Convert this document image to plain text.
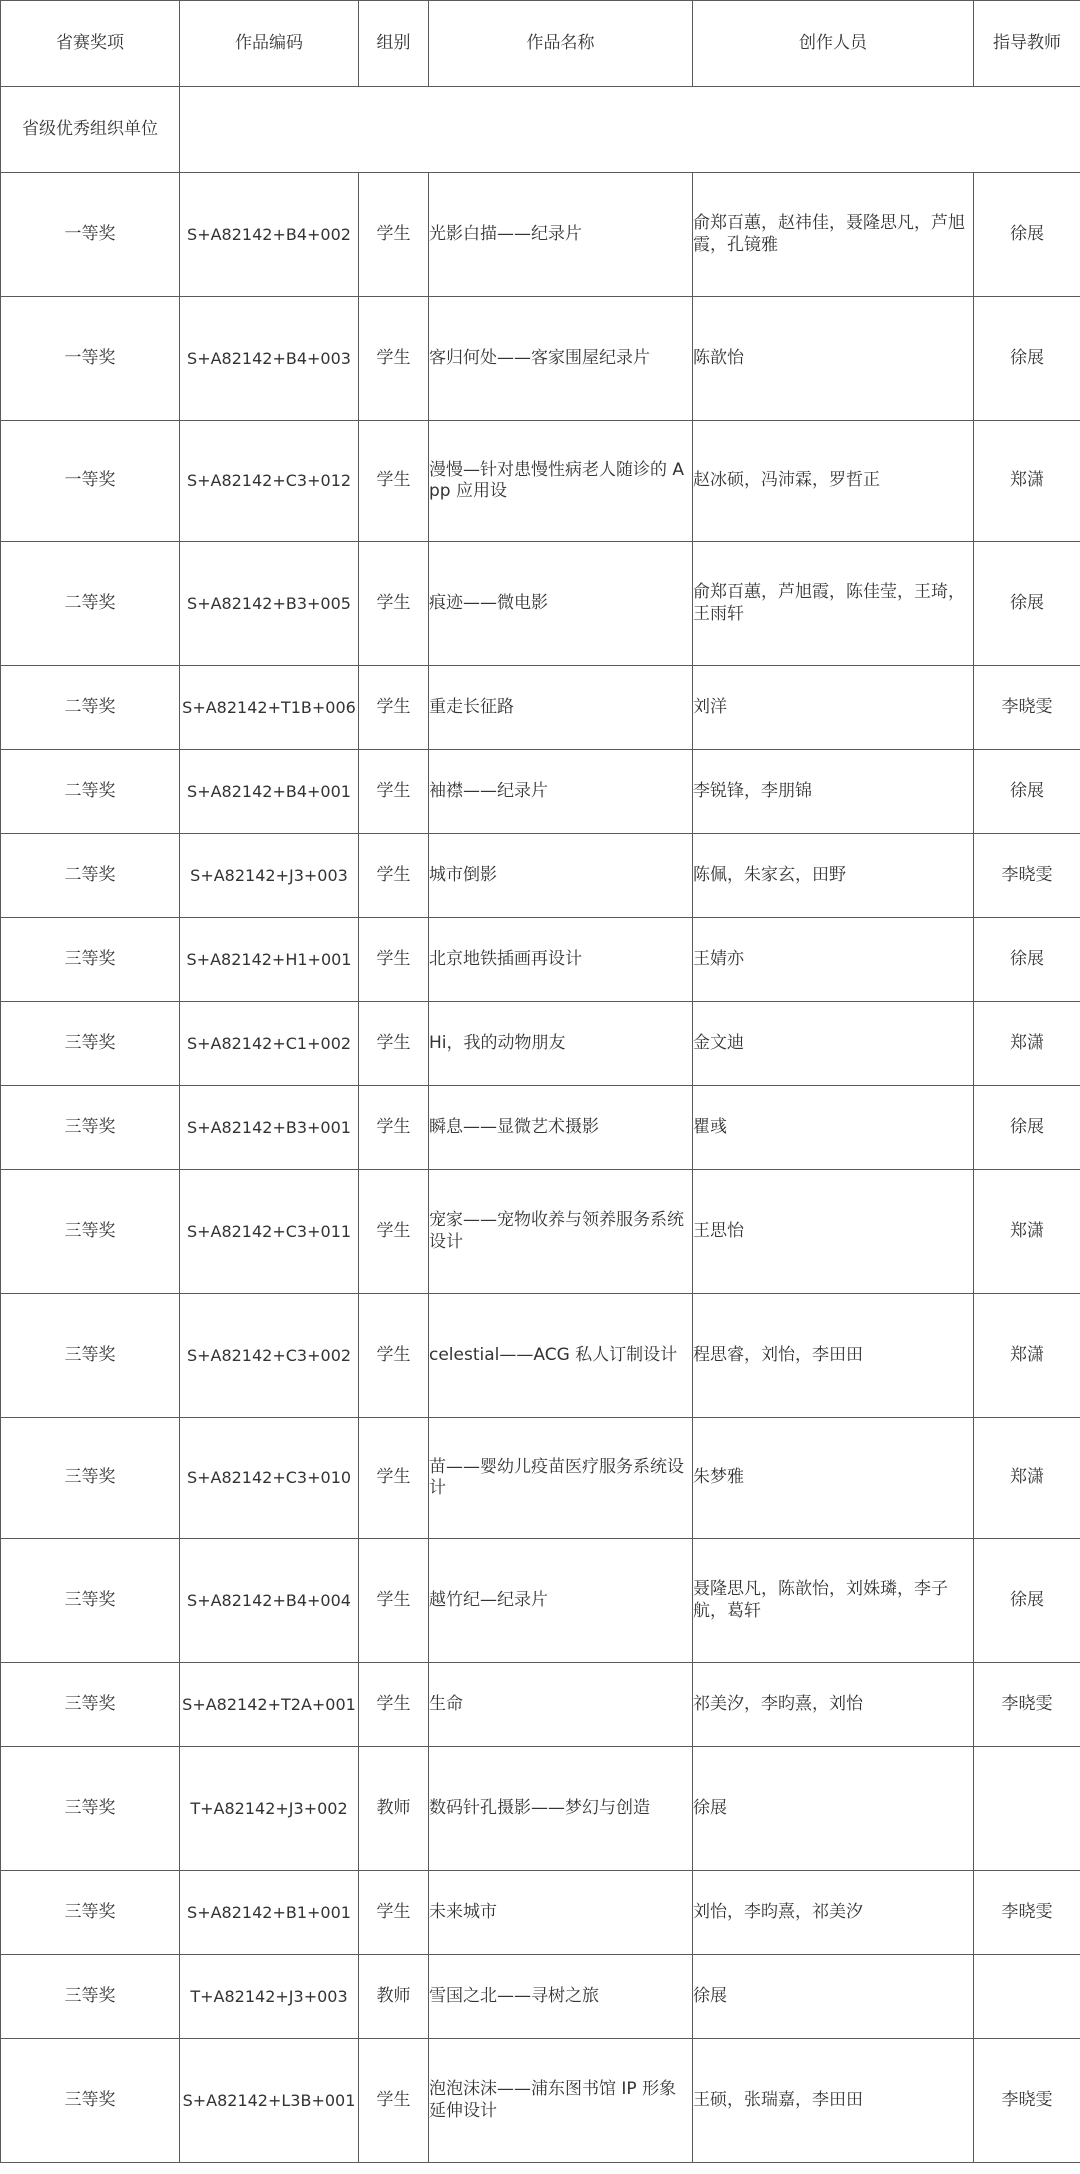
省赛奖项	作品编码	组别	作品名称	创作人员	指导教师
省级优秀组织单位					

一等奖	S+A82142+B4+002	学生	光影白描——纪录片	俞郑百蕙，赵祎佳，聂隆思凡，芦旭霞，孔镜雅	徐展

一等奖	S+A82142+B4+003	学生	客归何处——客家围屋纪录片	陈歆怡	徐展

一等奖	S+A82142+C3+012	学生	漫慢—针对患慢性病老人随诊的 App 应用设	赵冰硕，冯沛霖，罗哲正	郑潇

二等奖	S+A82142+B3+005	学生	痕迹——微电影	俞郑百蕙，芦旭霞，陈佳莹，王琦，王雨轩	徐展

二等奖	S+A82142+T1B+006	学生	重走长征路	刘洋	李晓雯

二等奖	S+A82142+B4+001	学生	袖襟——纪录片	李锐锋，李朋锦	徐展

二等奖	S+A82142+J3+003	学生	城市倒影	陈佩，朱家玄，田野	李晓雯

三等奖	S+A82142+H1+001	学生	北京地铁插画再设计	王婧亦	徐展

三等奖	S+A82142+C1+002	学生	Hi，我的动物朋友	金文迪	郑潇

三等奖	S+A82142+B3+001	学生	瞬息——显微艺术摄影	瞿彧	徐展

三等奖	S+A82142+C3+011	学生	宠家——宠物收养与领养服务系统设计	王思怡	郑潇

三等奖	S+A82142+C3+002	学生	celestial——ACG 私人订制设计	程思睿，刘怡，李田田	郑潇

三等奖	S+A82142+C3+010	学生	苗——婴幼儿疫苗医疗服务系统设计	朱梦雅	郑潇

三等奖	S+A82142+B4+004	学生	越竹纪—纪录片	聂隆思凡，陈歆怡，刘姝璘，李子航，葛轩	徐展

三等奖	S+A82142+T2A+001	学生	生命	祁美汐，李昀熹，刘怡	李晓雯

三等奖	T+A82142+J3+002	教师	数码针孔摄影——梦幻与创造	徐展	

三等奖	S+A82142+B1+001	学生	未来城市	刘怡，李昀熹，祁美汐	李晓雯

三等奖	T+A82142+J3+003	教师	雪国之北——寻树之旅	徐展	

三等奖	S+A82142+L3B+001	学生	泡泡沫沫——浦东图书馆 IP 形象延伸设计	王硕，张瑞嘉，李田田	李晓雯
